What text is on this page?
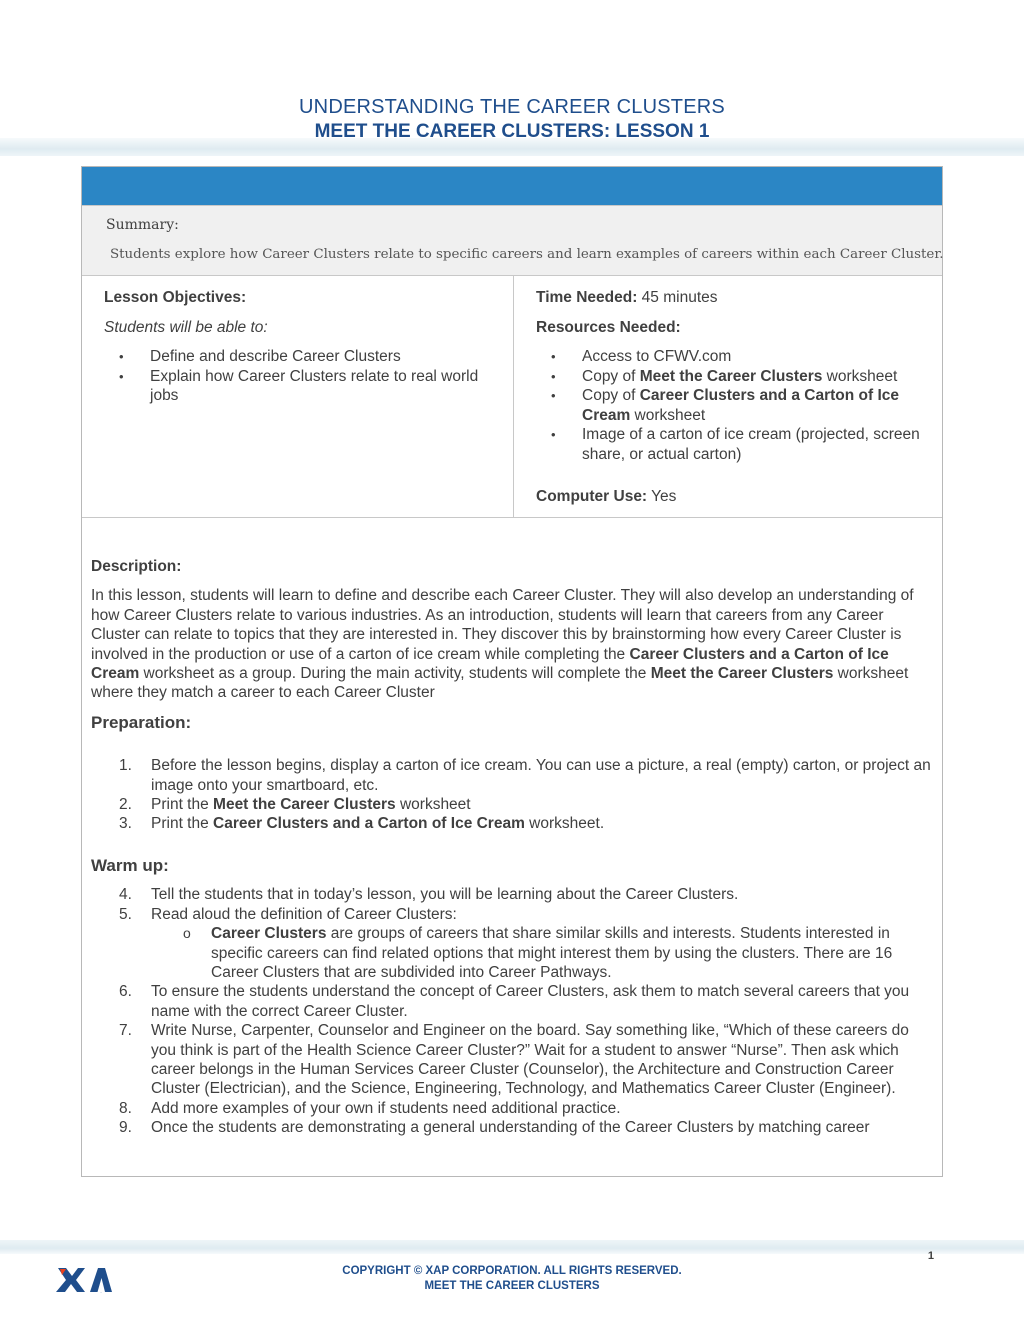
UNDERSTANDING THE CAREER CLUSTERS
MEET THE CAREER CLUSTERS: LESSON 1
Summary:
Students explore how Career Clusters relate to specific careers and learn examples of careers within each Career Cluster.
Lesson Objectives:
Students will be able to:
• Define and describe Career Clusters
• Explain how Career Clusters relate to real world jobs
Time Needed: 45 minutes
Resources Needed:
• Access to CFWV.com
• Copy of Meet the Career Clusters worksheet
• Copy of Career Clusters and a Carton of Ice Cream worksheet
• Image of a carton of ice cream (projected, screen share, or actual carton)
Computer Use: Yes
Description:

In this lesson, students will learn to define and describe each Career Cluster. They will also develop an understanding of how Career Clusters relate to various industries. As an introduction, students will learn that careers from any Career Cluster can relate to topics that they are interested in. They discover this by brainstorming how every Career Cluster is involved in the production or use of a carton of ice cream while completing the Career Clusters and a Carton of Ice Cream worksheet as a group. During the main activity, students will complete the Meet the Career Clusters worksheet where they match a career to each Career Cluster

Preparation:
1. Before the lesson begins, display a carton of ice cream. You can use a picture, a real (empty) carton, or project an image onto your smartboard, etc.
2. Print the Meet the Career Clusters worksheet
3. Print the Career Clusters and a Carton of Ice Cream worksheet.
Warm up:
4. Tell the students that in today’s lesson, you will be learning about the Career Clusters.
5. Read aloud the definition of Career Clusters:
o Career Clusters are groups of careers that share similar skills and interests. Students interested in specific careers can find related options that might interest them by using the clusters. There are 16 Career Clusters that are subdivided into Career Pathways.
6. To ensure the students understand the concept of Career Clusters, ask them to match several careers that you name with the correct Career Cluster.
7. Write Nurse, Carpenter, Counselor and Engineer on the board. Say something like, “Which of these careers do you think is part of the Health Science Career Cluster?” Wait for a student to answer “Nurse”. Then ask which career belongs in the Human Services Career Cluster (Counselor), the Architecture and Construction Career Cluster (Electrician), and the Science, Engineering, Technology, and Mathematics Career Cluster (Engineer).
8. Add more examples of your own if students need additional practice.
9. Once the students are demonstrating a general understanding of the Career Clusters by matching career
1
COPYRIGHT © XAP CORPORATION. ALL RIGHTS RESERVED.
MEET THE CAREER CLUSTERS
XAP
